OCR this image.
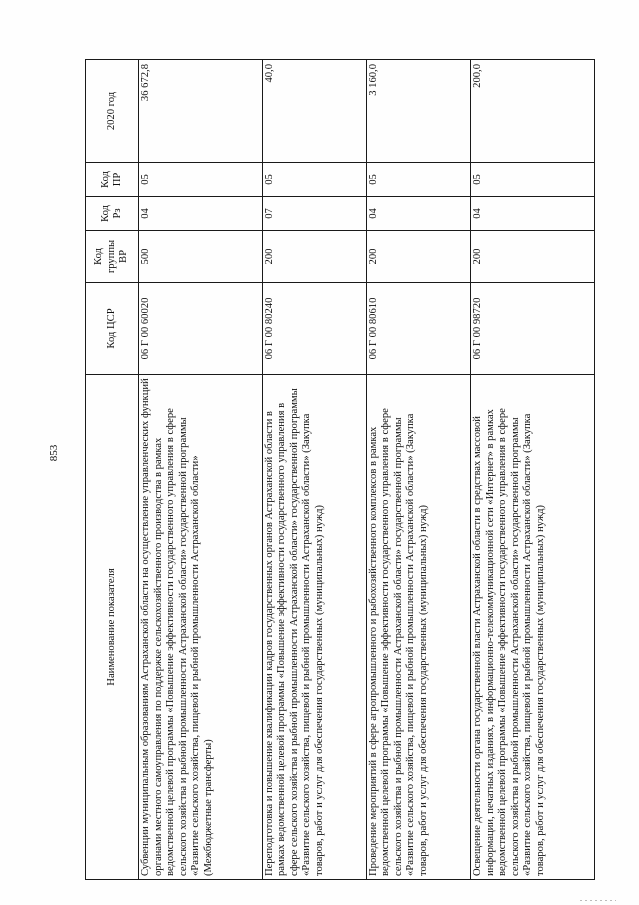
853
Наименование показателя	Код ЦСР	Код группы ВР	Код Рз	Код ПР	2020 год
Субвенции муниципальным образованиям Астраханской области на осуществление управленческих функций органами местного самоуправления по поддержке сельскохозяйственного производства в рамках ведомственной целевой программы «Повышение эффективности государственного управления в сфере сельского хозяйства и рыбной промышленности Астраханской области» государственной программы «Развитие сельского хозяйства, пищевой и рыбной промышленности Астраханской области» (Межбюджетные трансферты)	06 Г 00 60020	500	04	05	36 672,8
Переподготовка и повышение квалификации кадров государственных органов Астраханской области в рамках ведомственной целевой программы «Повышение эффективности государственного управления в сфере сельского хозяйства и рыбной промышленности Астраханской области» государственной программы «Развитие сельского хозяйства, пищевой и рыбной промышленности Астраханской области» (Закупка товаров, работ и услуг для обеспечения государственных (муниципальных) нужд)	06 Г 00 80240	200	07	05	40,0
Проведение мероприятий в сфере агропромышленного и рыбохозяйственного комплексов в рамках ведомственной целевой программы «Повышение эффективности государственного управления в сфере сельского хозяйства и рыбной промышленности Астраханской области» государственной программы «Развитие сельского хозяйства, пищевой и рыбной промышленности Астраханской области» (Закупка товаров, работ и услуг для обеспечения государственных (муниципальных) нужд)	06 Г 00 80610	200	04	05	3 160,0
Освещение деятельности органа государственной власти Астраханской области в средствах массовой информации, печатных изданиях, в информационно-телекоммуникационной сети «Интернет» в рамках ведомственной целевой программы «Повышение эффективности государственного управления в сфере сельского хозяйства и рыбной промышленности Астраханской области» государственной программы «Развитие сельского хозяйства, пищевой и рыбной промышленности Астраханской области» (Закупка товаров, работ и услуг для обеспечения государственных (муниципальных) нужд)	06 Г 00 98720	200	04	05	200,0
